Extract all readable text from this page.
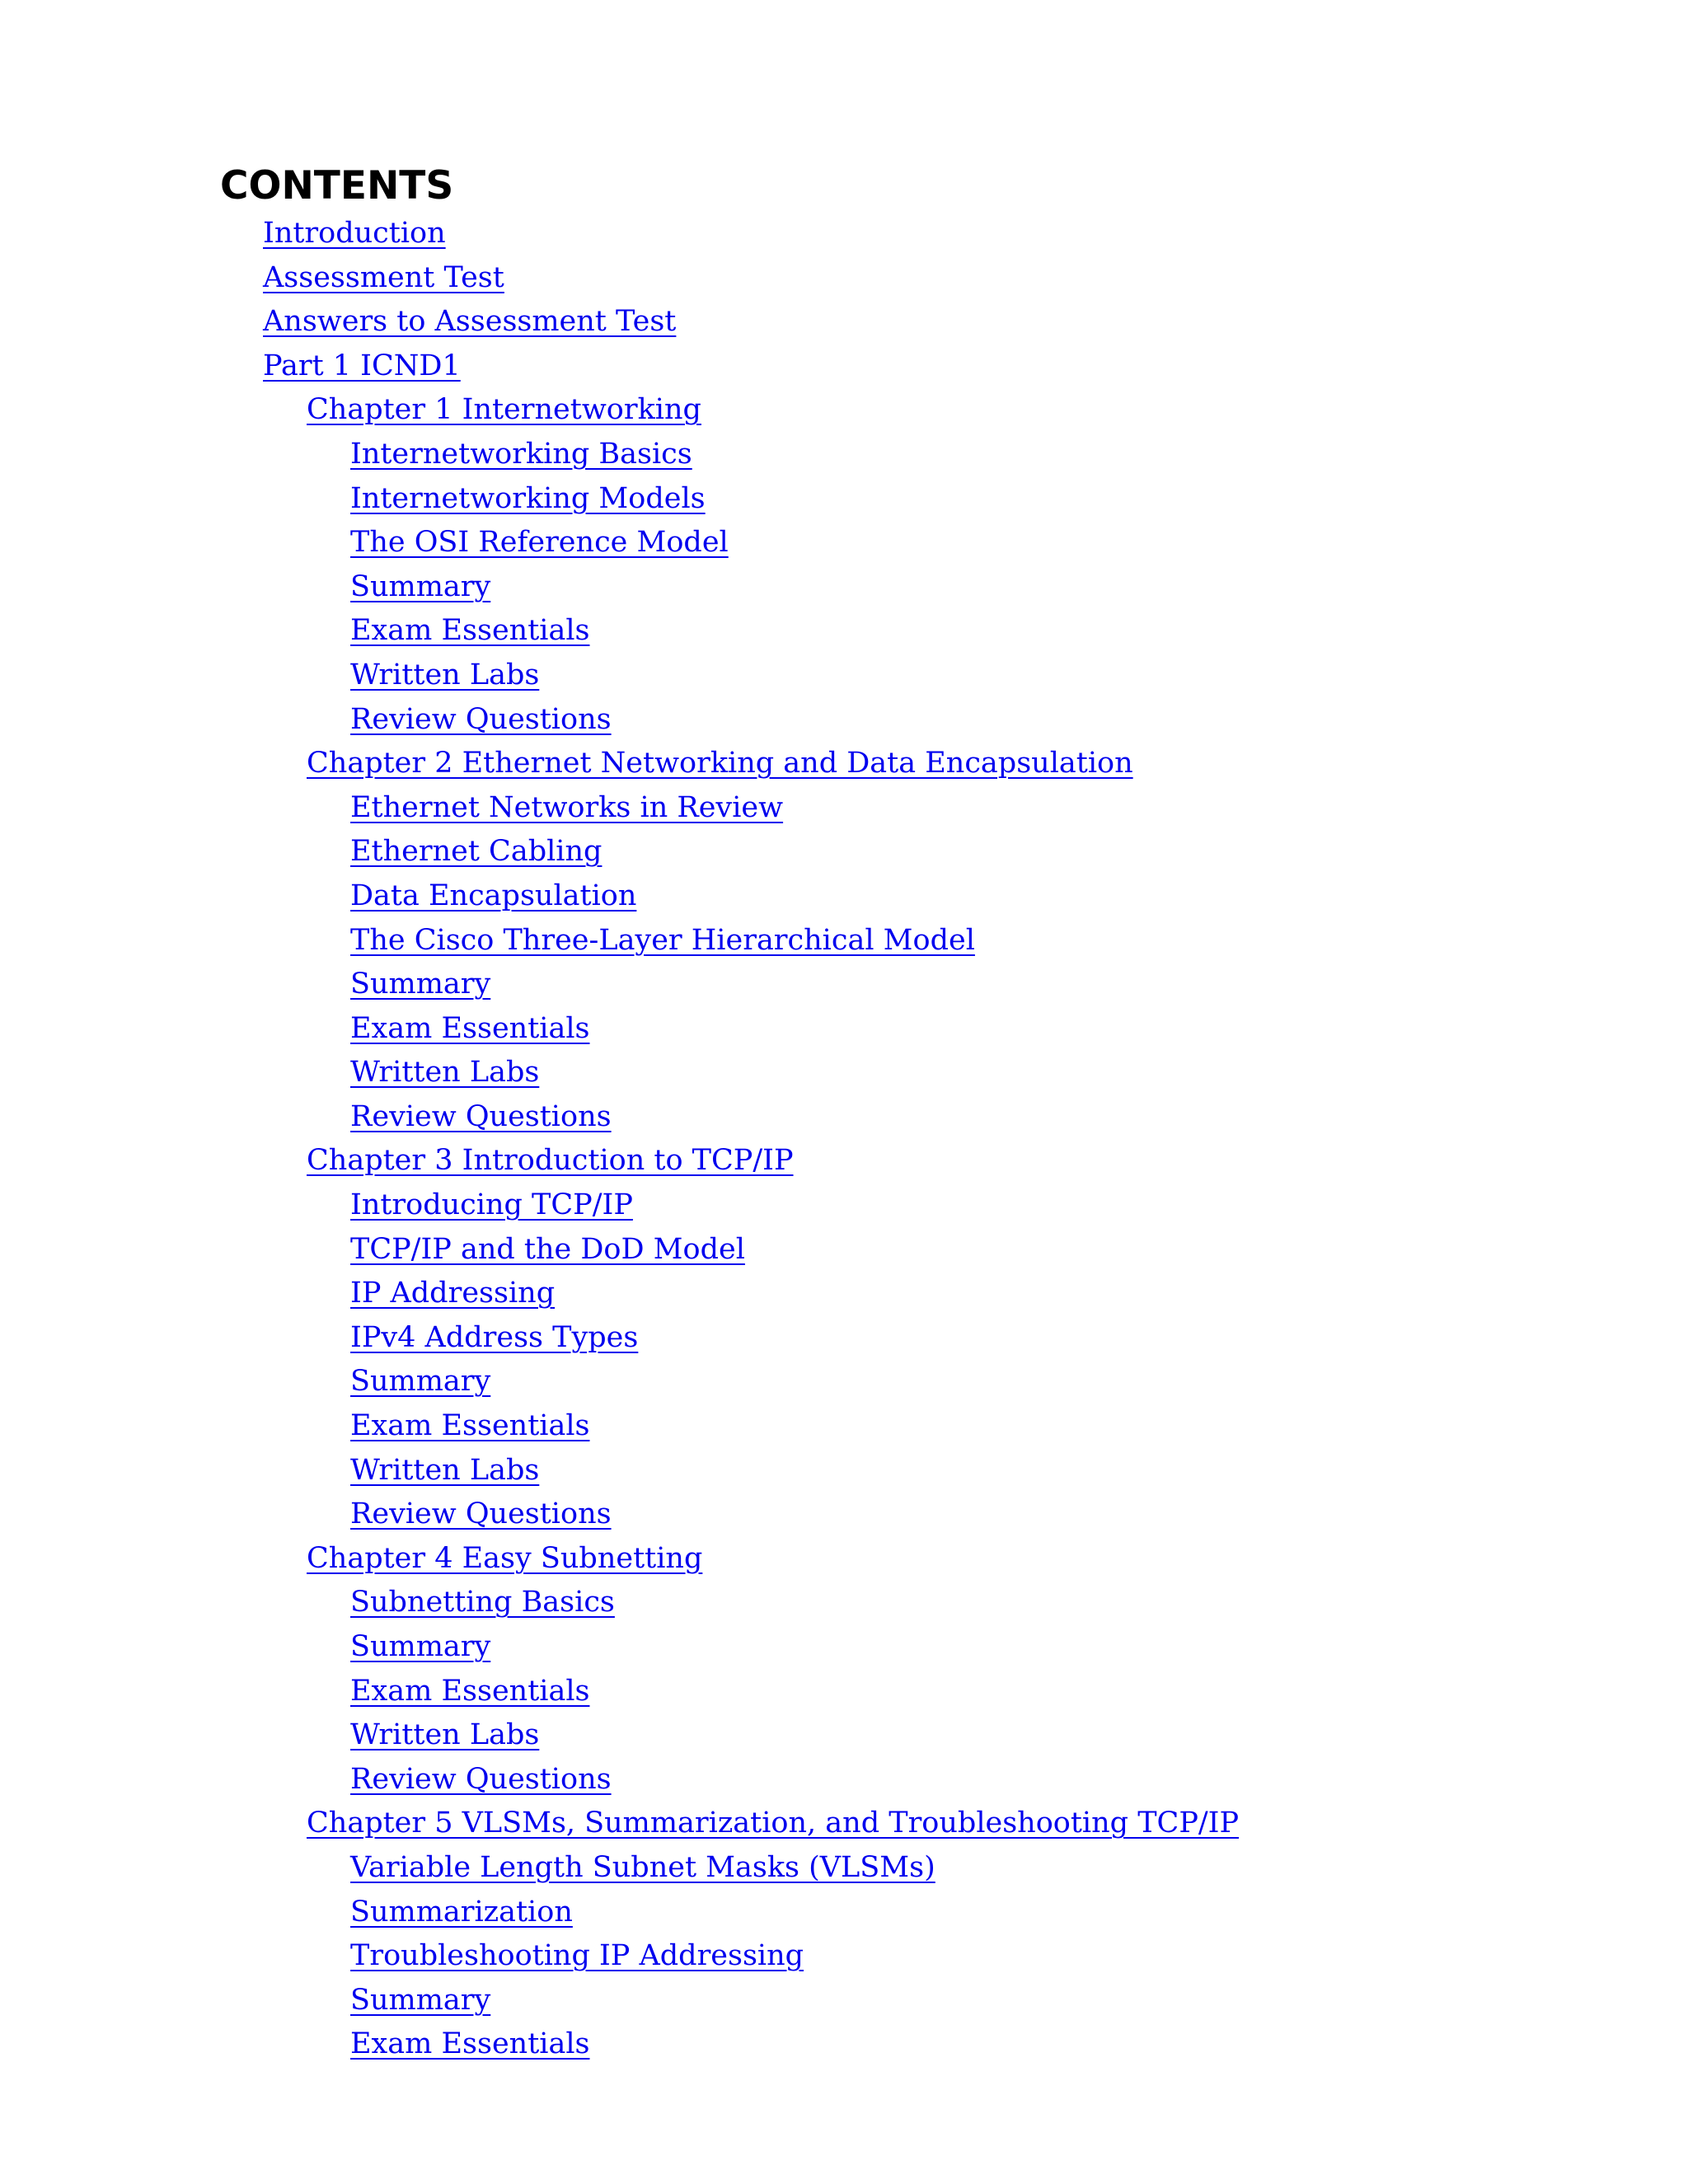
CONTENTS
Introduction
Assessment Test
Answers to Assessment Test
Part 1 ICND1
Chapter 1 Internetworking
Internetworking Basics
Internetworking Models
The OSI Reference Model
Summary
Exam Essentials
Written Labs
Review Questions
Chapter 2 Ethernet Networking and Data Encapsulation
Ethernet Networks in Review
Ethernet Cabling
Data Encapsulation
The Cisco Three-Layer Hierarchical Model
Summary
Exam Essentials
Written Labs
Review Questions
Chapter 3 Introduction to TCP/IP
Introducing TCP/IP
TCP/IP and the DoD Model
IP Addressing
IPv4 Address Types
Summary
Exam Essentials
Written Labs
Review Questions
Chapter 4 Easy Subnetting
Subnetting Basics
Summary
Exam Essentials
Written Labs
Review Questions
Chapter 5 VLSMs, Summarization, and Troubleshooting TCP/IP
Variable Length Subnet Masks (VLSMs)
Summarization
Troubleshooting IP Addressing
Summary
Exam Essentials
